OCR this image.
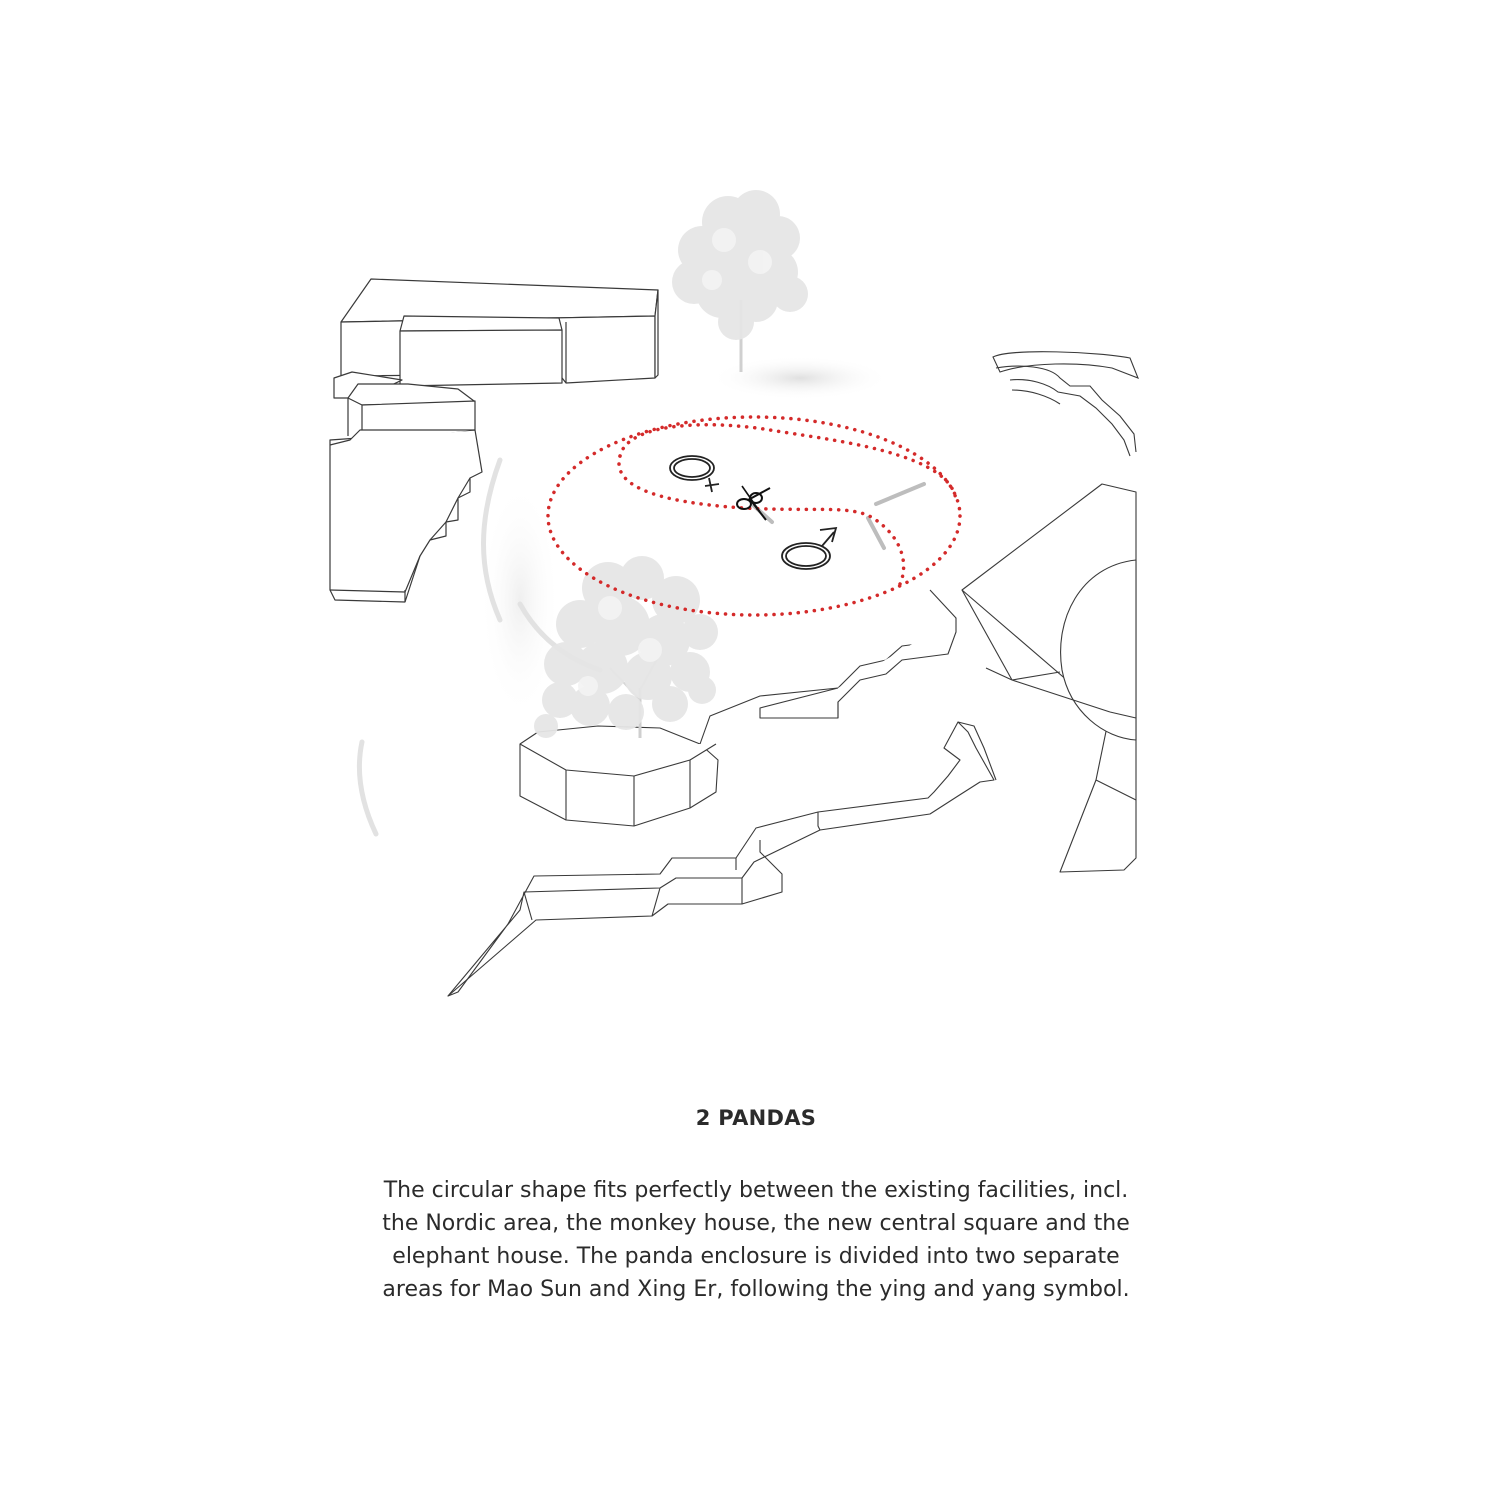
2 PANDAS
The circular shape fits perfectly between the existing facilities, incl.
the Nordic area, the monkey house, the new central square and the
elephant house. The panda enclosure is divided into two separate
areas for Mao Sun and Xing Er, following the ying and yang symbol.
